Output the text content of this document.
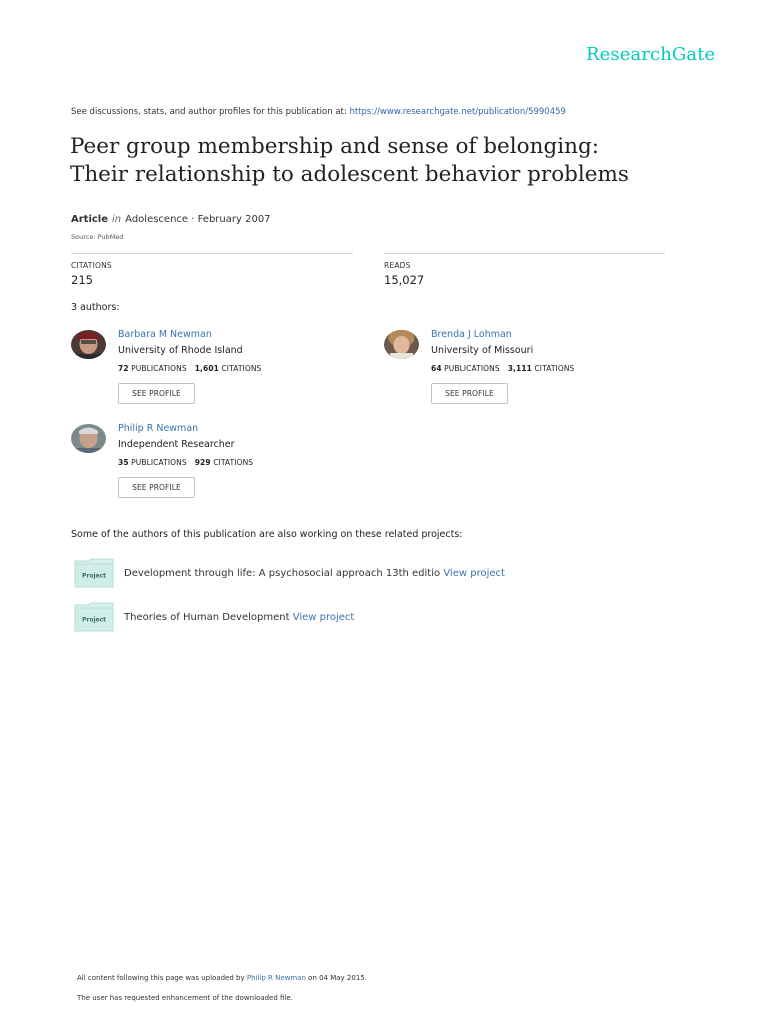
ResearchGate
See discussions, stats, and author profiles for this publication at: https://www.researchgate.net/publication/5990459
Peer group membership and sense of belonging:
Their relationship to adolescent behavior problems
Article in Adolescence · February 2007
Source: PubMed
CITATIONS
215
READS
15,027
3 authors:
Barbara M Newman
University of Rhode Island
72 PUBLICATIONS 1,601 CITATIONS
SEE PROFILE
Brenda J Lohman
University of Missouri
64 PUBLICATIONS 3,111 CITATIONS
SEE PROFILE
Philip R Newman
Independent Researcher
35 PUBLICATIONS 929 CITATIONS
SEE PROFILE
Some of the authors of this publication are also working on these related projects:
Project Development through life: A psychosocial approach 13th editio View project
Project Theories of Human Development View project
All content following this page was uploaded by Philip R Newman on 04 May 2015.
The user has requested enhancement of the downloaded file.
